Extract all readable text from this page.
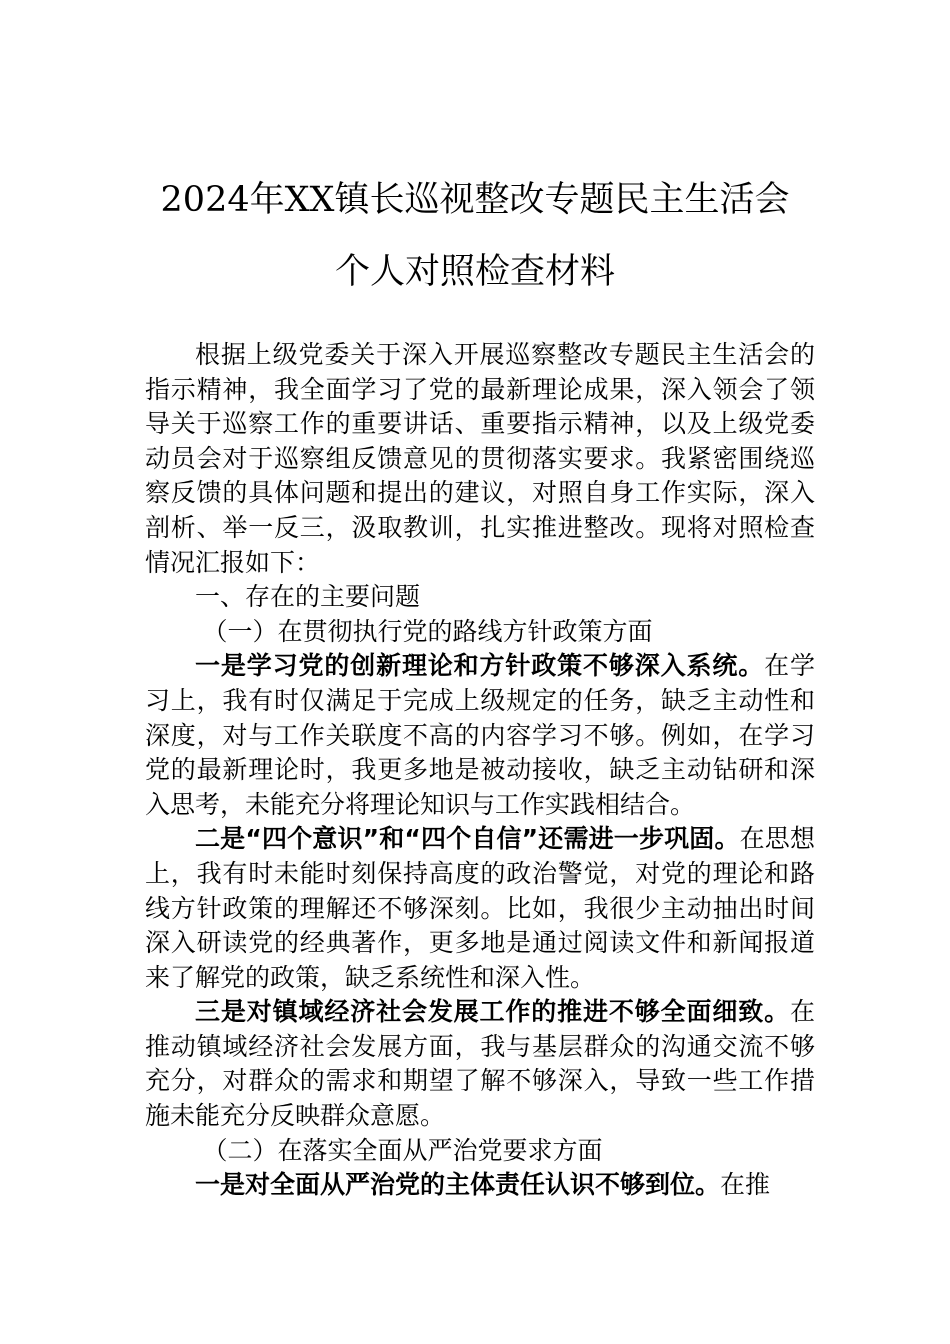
2024年XX镇长巡视整改专题民主生活会
个人对照检查材料

根据上级党委关于深入开展巡察整改专题民主生活会的指示精神，我全面学习了党的最新理论成果，深入领会了领导关于巡察工作的重要讲话、重要指示精神，以及上级党委动员会对于巡察组反馈意见的贯彻落实要求。我紧密围绕巡察反馈的具体问题和提出的建议，对照自身工作实际，深入剖析、举一反三，汲取教训，扎实推进整改。现将对照检查情况汇报如下：

一、存在的主要问题

（一）在贯彻执行党的路线方针政策方面

一是学习党的创新理论和方针政策不够深入系统。在学习上，我有时仅满足于完成上级规定的任务，缺乏主动性和深度，对与工作关联度不高的内容学习不够。例如，在学习党的最新理论时，我更多地是被动接收，缺乏主动钻研和深入思考，未能充分将理论知识与工作实践相结合。

二是“四个意识”和“四个自信”还需进一步巩固。在思想上，我有时未能时刻保持高度的政治警觉，对党的理论和路线方针政策的理解还不够深刻。比如，我很少主动抽出时间深入研读党的经典著作，更多地是通过阅读文件和新闻报道来了解党的政策，缺乏系统性和深入性。

三是对镇域经济社会发展工作的推进不够全面细致。在推动镇域经济社会发展方面，我与基层群众的沟通交流不够充分，对群众的需求和期望了解不够深入，导致一些工作措施未能充分反映群众意愿。

（二）在落实全面从严治党要求方面

一是对全面从严治党的主体责任认识不够到位。在推
